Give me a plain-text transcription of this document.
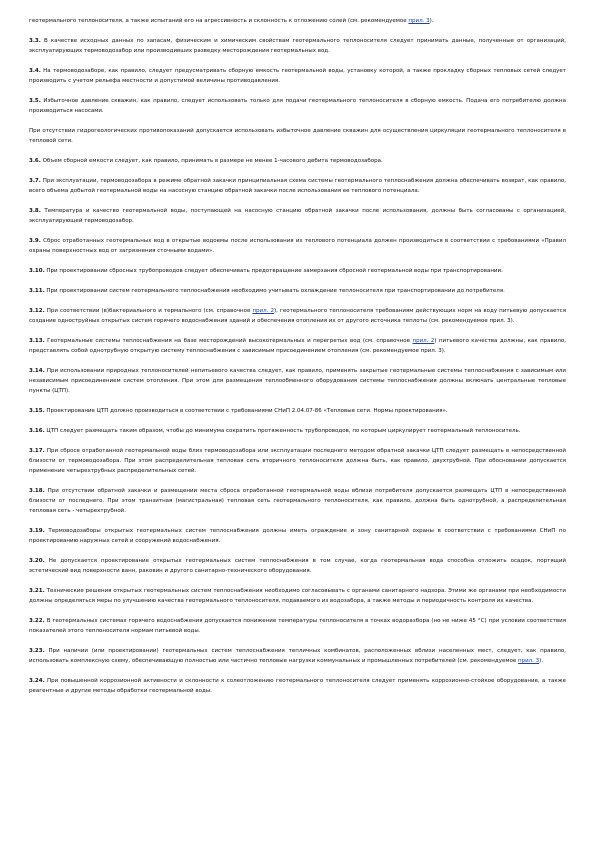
геотермального теплоносителя, а также испытаний его на агрессивность и склонность к отложению солей (см. рекомендуемое прил. 3).

3.3. В качестве исходных данных по запасам, физическим и химическим свойствам геотермального теплоносителя следует принимать данные, полученные от организаций, эксплуатирующих термоводозабор или производивших разведку месторождения геотермальных вод.

3.4. На термоводозаборе, как правило, следует предусматривать сборную емкость геотермальной воды, установку которой, а также прокладку сборных тепловых сетей следует производить с учетом рельефа местности и допустимой величины противодавления.

3.5. Избыточное давление скважин, как правило, следует использовать только для подачи геотермального теплоносителя в сборную емкость. Подача его потребителю должна производиться насосами.

При отсутствии гидрогеологических противопоказаний допускается использовать избыточное давление скважин для осуществления циркуляции геотермального теплоносителя в тепловой сети.

3.6. Объем сборной емкости следует, как правило, принимать в размере не менее 1-часового дебита термоводозабора.

3.7. При эксплуатации, термоводозабора в режиме обратной закачки принципиальная схема системы геотермального теплоснабжения должна обеспечивать возврат, как правило, всего объема добытой геотермальной воды на насосную станцию обратной закачки после использования ее теплового потенциала.

3.8. Температура и качество геотермальной воды, поступающей на насосную станцию обратной закачки после использования, должны быть согласованы с организацией, эксплуатирующей термоводозабор.

3.9. Сброс отработанных геотермальных вод в открытые водоемы после использования их теплового потенциала должен производиться в соответствии с требованиями «Правил охраны поверхностных вод от загрязнения сточными водами».

3.10. При проектировании сбросных трубопроводов следует обеспечивать предотвращение замерзания сбросной геотермальной воды при транспортировании.

3.11. При проектировании систем геотермального теплоснабжения необходимо учитывать охлаждение теплоносителя при транспортировании до потребителя.

3.12. При соответствии (в)бактериального и термального (см. справочное прил. 2), геотермального теплоносителя требованиям действующих норм на воду питьевую допускается создание одноструйных открытых систем горячего водоснабжения зданий и обеспечения отопления их от другого источника теплоты (см. рекомендуемое прил. 3).

3.13. Геотермальные системы теплоснабжения на базе месторождений высокотермальных и перегретых вод (см. справочное прил. 2) питьевого качества должны, как правило, представлять собой однотрубную открытую систему теплоснабжения с зависимым присоединением отопления (см. рекомендуемое прил. 3).

3.14. При использовании природных теплоносителей непитьевого качества следует, как правило, применять закрытые геотермальные системы теплоснабжения с зависимым или независимым присоединением систем отопления. При этом для размещения теплообменного оборудования системы теплоснабжения должны включать центральные тепловые пункты (ЦТП).

3.15. Проектирование ЦТП должно производиться в соответствии с требованиями СНиП 2.04.07-86 «Тепловые сети. Нормы проектирования».

3.16. ЦТП следует размещать таким образом, чтобы до минимума сократить протяженность трубопроводов, по которым циркулирует геотермальный теплоноситель.

3.17. При сбросе отработанной геотермальной воды близ термоводозабора или эксплуатации последнего методом обратной закачки ЦТП следует размещать в непосредственной близости от термоводозабора. При этом распределительная тепловая сеть вторичного теплоносителя должна быть, как правило, двухтрубной. При обосновании допускается применение четырехтрубных распределительных сетей.

3.18. При отсутствии обратной закачки и размещении места сброса отработанной геотермальной воды вблизи потребителя допускается размещать ЦТП в непосредственной близости от последнего. При этом транзитная (магистральная) тепловая сеть геотермального теплоносителя, как правило, должна быть однотрубной, а распределительная тепловая сеть - четырехтрубной.

3.19. Термоводозаборы открытых геотермальных систем теплоснабжения должны иметь ограждение и зону санитарной охраны в соответствии с требованиями СНиП по проектированию наружных сетей и сооружений водоснабжения.

3.20. Не допускается проектирование открытых геотермальных систем теплоснабжения в том случае, когда геотермальная вода способна отложить осадок, портящий эстетический вид поверхности ванн, раковин и другого санитарно-технического оборудования.

3.21. Технические решения открытых геотермальных систем теплоснабжения необходимо согласовывать с органами санитарного надзора. Этими же органами при необходимости должны определяться меры по улучшению качества геотермального теплоносителя, подаваемого из водозабора, а также методы и периодичность контроля их качества.

3.22. В геотермальных системах горячего водоснабжения допускается понижение температуры теплоносителя в точках водоразбора (но не ниже 45 °С) при условии соответствия показателей этого теплоносителя нормам питьевой воды.

3.23. При наличии (или проектировании) геотермальных систем теплоснабжения тепличных комбинатов, расположенных вблизи населенных мест, следует, как правило, использовать комплексную схему, обеспечивающую полностью или частично тепловые нагрузки коммунальных и промышленных потребителей (см. рекомендуемое прил. 3).

3.24. При повышенной коррозионной активности и склонности к солеотложению геотермального теплоносителя следует применять коррозионно-стойкое оборудование, а также реагентные и другие методы обработки геотермальной воды.
